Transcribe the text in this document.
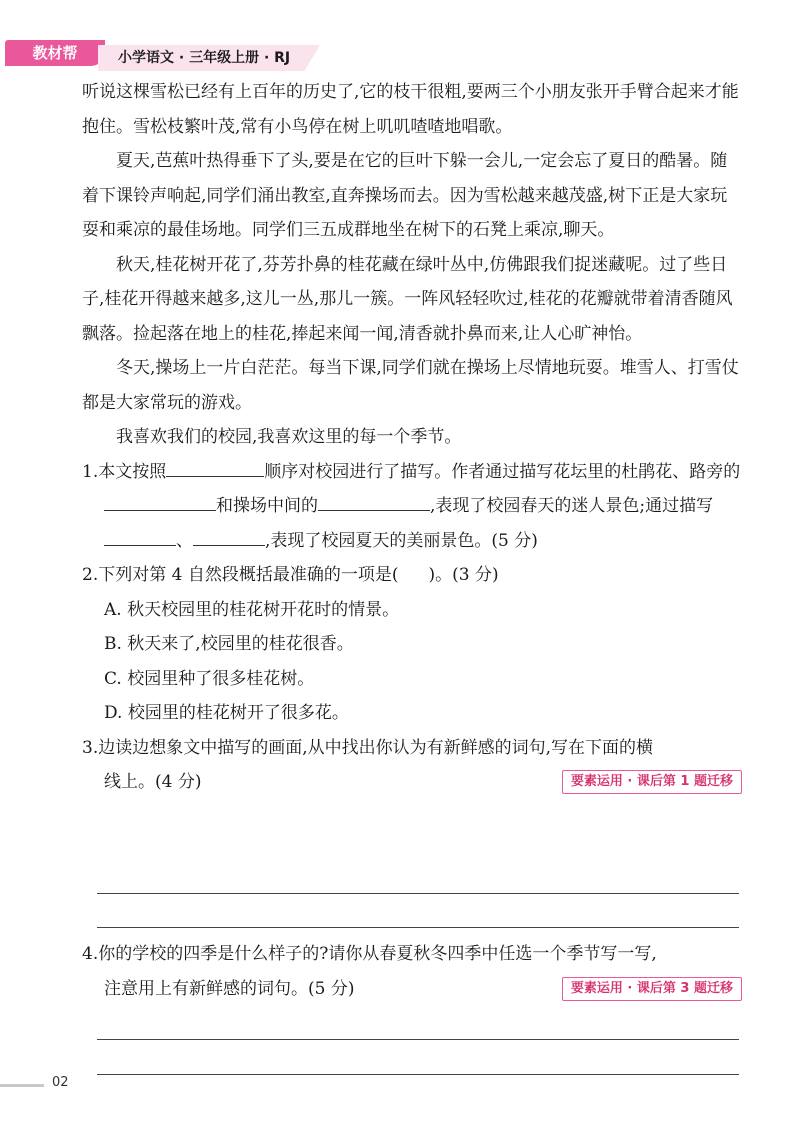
教材帮	小学语文 · 三年级上册 · RJ

听说这棵雪松已经有上百年的历史了,它的枝干很粗,要两三个小朋友张开手臂合起来才能抱住。雪松枝繁叶茂,常有小鸟停在树上叽叽喳喳地唱歌。

夏天,芭蕉叶热得垂下了头,要是在它的巨叶下躲一会儿,一定会忘了夏日的酷暑。随着下课铃声响起,同学们涌出教室,直奔操场而去。因为雪松越来越茂盛,树下正是大家玩耍和乘凉的最佳场地。同学们三五成群地坐在树下的石凳上乘凉,聊天。

秋天,桂花树开花了,芬芳扑鼻的桂花藏在绿叶丛中,仿佛跟我们捉迷藏呢。过了些日子,桂花开得越来越多,这儿一丛,那儿一簇。一阵风轻轻吹过,桂花的花瓣就带着清香随风飘落。捡起落在地上的桂花,捧起来闻一闻,清香就扑鼻而来,让人心旷神怡。

冬天,操场上一片白茫茫。每当下课,同学们就在操场上尽情地玩耍。堆雪人、打雪仗都是大家常玩的游戏。

我喜欢我们的校园,我喜欢这里的每一个季节。

1.本文按照	顺序对校园进行了描写。作者通过描写花坛里的杜鹃花、路旁的和操场中间的	,表现了校园春天的迷人景色;通过描写、	,表现了校园夏天的美丽景色。(5 分)

2.下列对第 4 自然段概括最准确的一项是( )。(3 分)

A. 秋天校园里的桂花树开花时的情景。

B. 秋天来了,校园里的桂花很香。

C. 校园里种了很多桂花树。

D. 校园里的桂花树开了很多花。

3.边读边想象文中描写的画面,从中找出你认为有新鲜感的词句,写在下面的横

线上。(4 分)	要素运用 · 课后第 1 题迁移

4.你的学校的四季是什么样子的?请你从春夏秋冬四季中任选一个季节写一写,

注意用上有新鲜感的词句。(5 分)	要素运用 · 课后第 3 题迁移

02
